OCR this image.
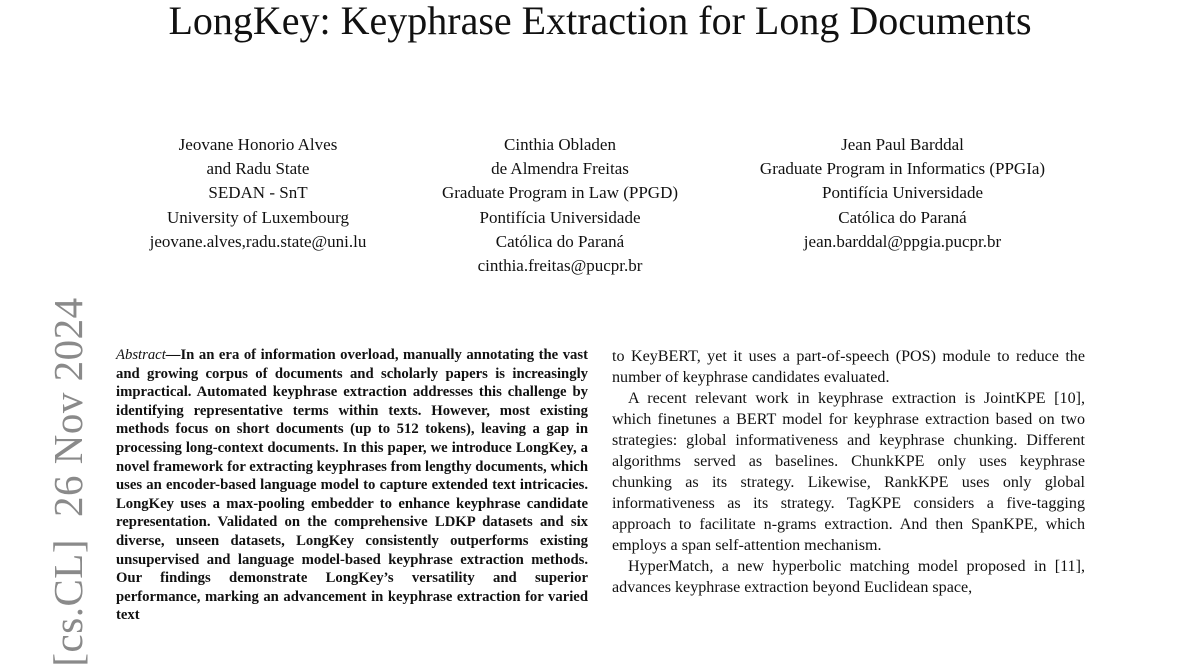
LongKey: Keyphrase Extraction for Long Documents
Jeovane Honorio Alves
and Radu State
SEDAN - SnT
University of Luxembourg
jeovane.alves,radu.state@uni.lu
Cinthia Obladen
de Almendra Freitas
Graduate Program in Law (PPGD)
Pontifícia Universidade
Católica do Paraná
cinthia.freitas@pucpr.br
Jean Paul Barddal
Graduate Program in Informatics (PPGIa)
Pontifícia Universidade
Católica do Paraná
jean.barddal@ppgia.pucpr.br
[cs.CL]26 Nov 2024 Abstract—In an era of information overload, manually annotating the vast and growing corpus of documents and scholarly papers is increasingly impractical. Automated keyphrase extraction addresses this challenge by identifying representative terms within texts. However, most existing methods focus on short documents (up to 512 tokens), leaving a gap in processing long-context documents. In this paper, we introduce LongKey, a novel framework for extracting keyphrases from lengthy documents, which uses an encoder-based language model to capture extended text intricacies. LongKey uses a max-pooling embedder to enhance keyphrase candidate representation. Validated on the comprehensive LDKP datasets and six diverse, unseen datasets, LongKey consistently outperforms existing unsupervised and language model-based keyphrase extraction methods. Our findings demonstrate LongKey’s versatility and superior performance, marking an advancement in keyphrase extraction for varied text

to KeyBERT, yet it uses a part-of-speech (POS) module to reduce the number of keyphrase candidates evaluated.

A recent relevant work in keyphrase extraction is JointKPE [10], which finetunes a BERT model for keyphrase extraction based on two strategies: global informativeness and keyphrase chunking. Different algorithms served as baselines. ChunkKPE only uses keyphrase chunking as its strategy. Likewise, RankKPE uses only global informativeness as its strategy. TagKPE considers a five-tagging approach to facilitate n-grams extraction. And then SpanKPE, which employs a span self-attention mechanism.

HyperMatch, a new hyperbolic matching model proposed in [11], advances keyphrase extraction beyond Euclidean space,
